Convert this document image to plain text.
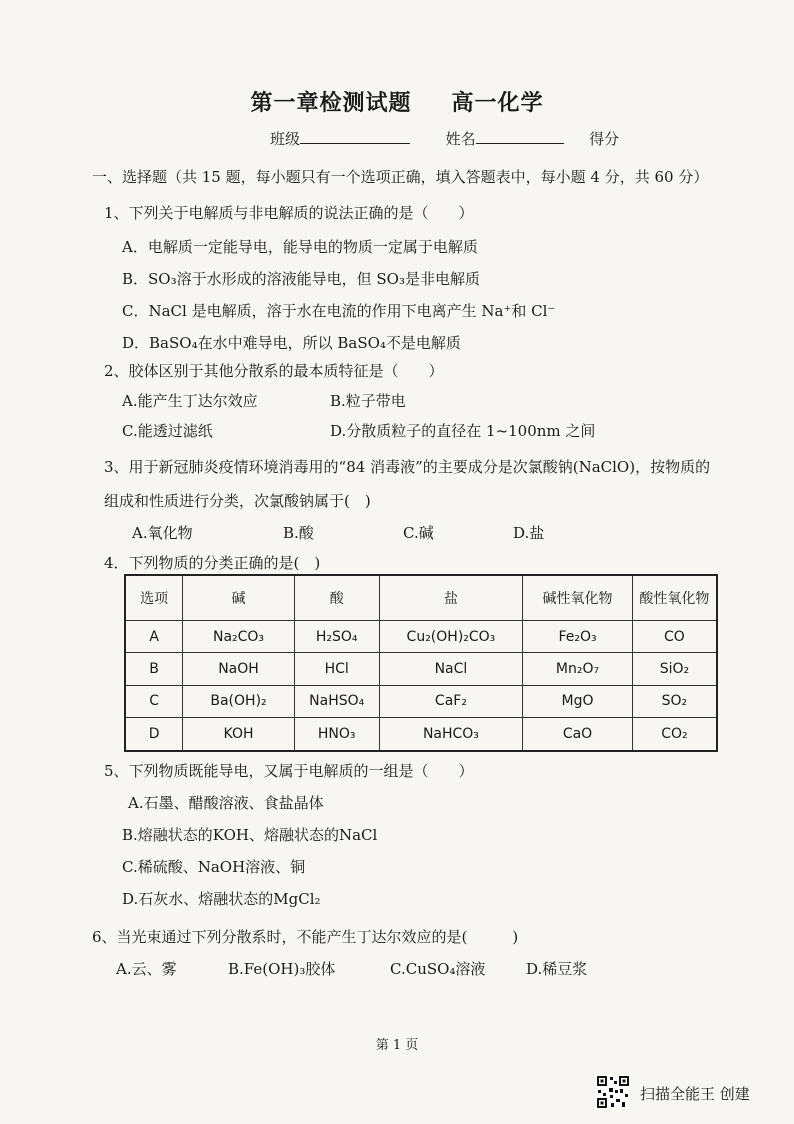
第一章检测试题 高一化学
班级	姓名	得分
一、选择题（共 15 题，每小题只有一个选项正确，填入答题表中，每小题 4 分，共 60 分）
1、下列关于电解质与非电解质的说法正确的是（　　）
A．电解质一定能导电，能导电的物质一定属于电解质
B．SO₃溶于水形成的溶液能导电，但 SO₃是非电解质
C．NaCl 是电解质，溶于水在电流的作用下电离产生 Na⁺和 Cl⁻
D．BaSO₄在水中难导电，所以 BaSO₄不是电解质
2、胶体区别于其他分散系的最本质特征是（　　）
A.能产生丁达尔效应	B.粒子带电
C.能透过滤纸	D.分散质粒子的直径在 1~100nm 之间
3、用于新冠肺炎疫情环境消毒用的“84 消毒液”的主要成分是次氯酸钠(NaClO)，按物质的
组成和性质进行分类，次氯酸钠属于(　)
A.氧化物	B.酸	C.碱	D.盐
4．下列物质的分类正确的是(　)
选项	碱	酸	盐	碱性氧化物	酸性氧化物
A	Na₂CO₃	H₂SO₄	Cu₂(OH)₂CO₃	Fe₂O₃	CO
B	NaOH	HCl	NaCl	Mn₂O₇	SiO₂
C	Ba(OH)₂	NaHSO₄	CaF₂	MgO	SO₂
D	KOH	HNO₃	NaHCO₃	CaO	CO₂
5、下列物质既能导电，又属于电解质的一组是（　　）
A.石墨、醋酸溶液、食盐晶体
B.熔融状态的KOH、熔融状态的NaCl
C.稀硫酸、NaOH溶液、铜
D.石灰水、熔融状态的MgCl₂
6、当光束通过下列分散系时，不能产生丁达尔效应的是(　　　)
A.云、雾	B.Fe(OH)₃胶体	C.CuSO₄溶液	D.稀豆浆
第 1 页
扫描全能王 创建
